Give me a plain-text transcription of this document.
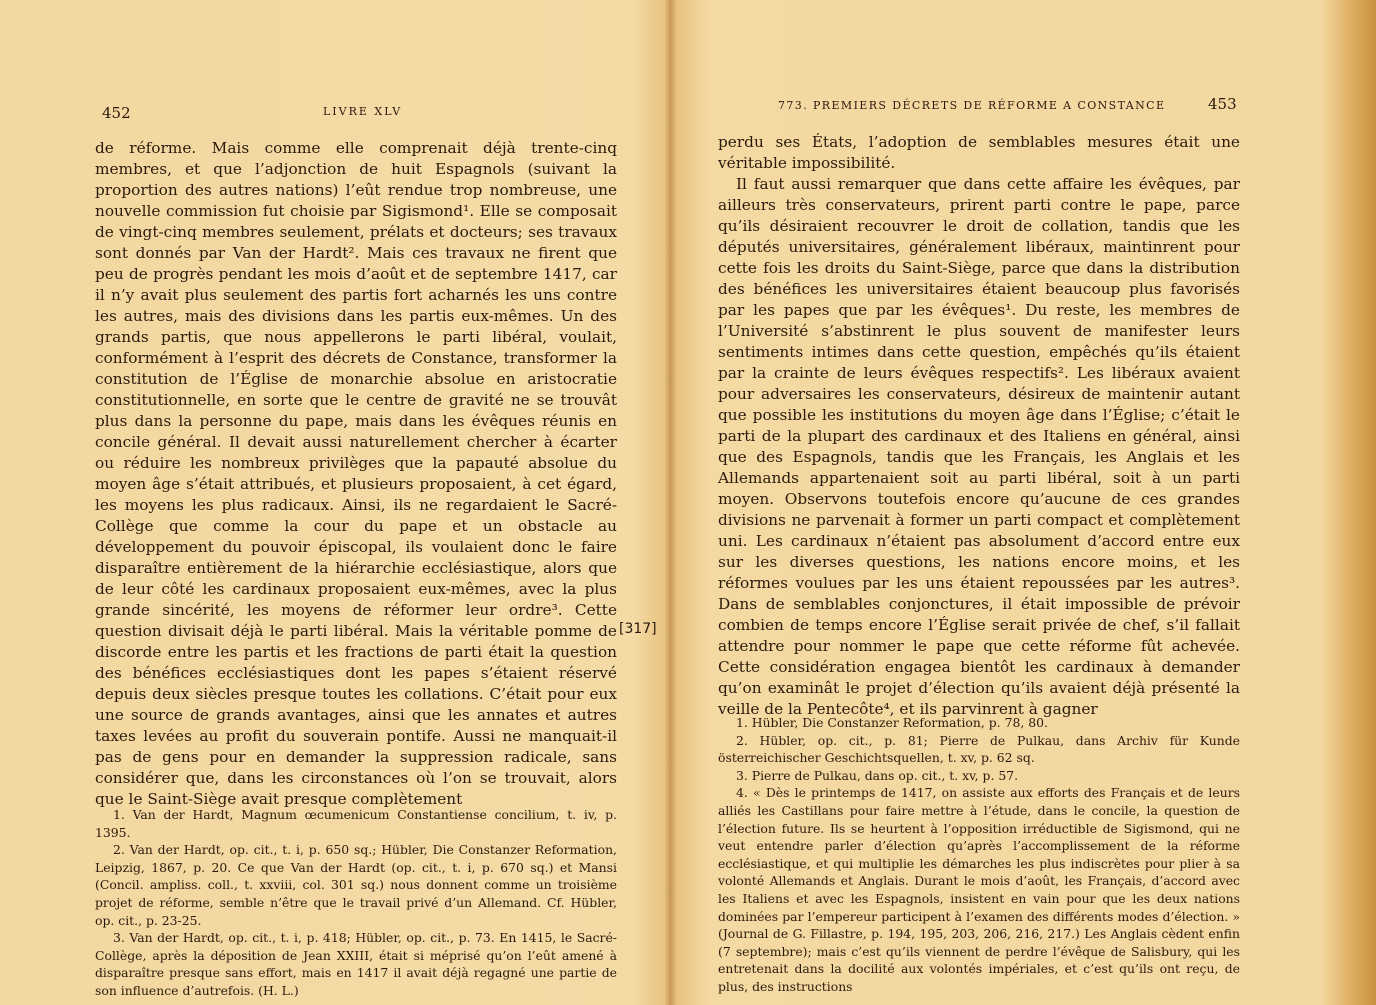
452	LIVRE XLV

de réforme. Mais comme elle comprenait déjà trente-cinq membres, et que l’adjonction de huit Espagnols (suivant la proportion des autres nations) l’eût rendue trop nombreuse, une nouvelle commission fut choisie par Sigismond¹. Elle se composait de vingt-cinq membres seulement, prélats et docteurs; ses travaux sont donnés par Van der Hardt². Mais ces travaux ne firent que peu de progrès pendant les mois d’août et de septembre 1417, car il n’y avait plus seulement des partis fort acharnés les uns contre les autres, mais des divisions dans les partis eux-mêmes. Un des grands partis, que nous appellerons le parti libéral, voulait, conformément à l’esprit des décrets de Constance, transformer la constitution de l’Église de monarchie absolue en aristocratie constitutionnelle, en sorte que le centre de gravité ne se trouvât plus dans la personne du pape, mais dans les évêques réunis en concile général. Il devait aussi naturellement chercher à écarter ou réduire les nombreux privilèges que la papauté absolue du moyen âge s’était attribués, et plusieurs proposaient, à cet égard, les moyens les plus radicaux. Ainsi, ils ne regardaient le Sacré-Collège que comme la cour du pape et un obstacle au développement du pouvoir épiscopal, ils voulaient donc le faire disparaître entièrement de la hiérarchie ecclésiastique, alors que de leur côté les cardinaux proposaient eux-mêmes, avec la plus grande sincérité, les moyens de réformer leur ordre³. Cette question divisait déjà le parti libéral. Mais la véritable pomme de discorde entre les partis et les fractions de parti était la question des bénéfices ecclésiastiques dont les papes s’étaient réservé depuis deux siècles presque toutes les collations. C’était pour eux une source de grands avantages, ainsi que les annates et autres taxes levées au profit du souverain pontife. Aussi ne manquait-il pas de gens pour en demander la suppression radicale, sans considérer que, dans les circonstances où l’on se trouvait, alors que le Saint-Siège avait presque complètement

[317]

1. Van der Hardt, Magnum œcumenicum Constantiense concilium, t. iv, p. 1395.

2. Van der Hardt, op. cit., t. i, p. 650 sq.; Hübler, Die Constanzer Reformation, Leipzig, 1867, p. 20. Ce que Van der Hardt (op. cit., t. i, p. 670 sq.) et Mansi (Concil. ampliss. coll., t. xxviii, col. 301 sq.) nous donnent comme un troisième projet de réforme, semble n’être que le travail privé d’un Allemand. Cf. Hübler, op. cit., p. 23-25.

3. Van der Hardt, op. cit., t. i, p. 418; Hübler, op. cit., p. 73. En 1415, le Sacré-Collège, après la déposition de Jean XXIII, était si méprisé qu’on l’eût amené à disparaître presque sans effort, mais en 1417 il avait déjà regagné une partie de son influence d’autrefois. (H. L.)

773. PREMIERS DÉCRETS DE RÉFORME A CONSTANCE	453

perdu ses États, l’adoption de semblables mesures était une véritable impossibilité.

Il faut aussi remarquer que dans cette affaire les évêques, par ailleurs très conservateurs, prirent parti contre le pape, parce qu’ils désiraient recouvrer le droit de collation, tandis que les députés universitaires, généralement libéraux, maintinrent pour cette fois les droits du Saint-Siège, parce que dans la distribution des bénéfices les universitaires étaient beaucoup plus favorisés par les papes que par les évêques¹. Du reste, les membres de l’Université s’abstinrent le plus souvent de manifester leurs sentiments intimes dans cette question, empêchés qu’ils étaient par la crainte de leurs évêques respectifs². Les libéraux avaient pour adversaires les conservateurs, désireux de maintenir autant que possible les institutions du moyen âge dans l’Église; c’était le parti de la plupart des cardinaux et des Italiens en général, ainsi que des Espagnols, tandis que les Français, les Anglais et les Allemands appartenaient soit au parti libéral, soit à un parti moyen. Observons toutefois encore qu’aucune de ces grandes divisions ne parvenait à former un parti compact et complètement uni. Les cardinaux n’étaient pas absolument d’accord entre eux sur les diverses questions, les nations encore moins, et les réformes voulues par les uns étaient repoussées par les autres³. Dans de semblables conjonctures, il était impossible de prévoir combien de temps encore l’Église serait privée de chef, s’il fallait attendre pour nommer le pape que cette réforme fût achevée. Cette considération engagea bientôt les cardinaux à demander qu’on examinât le projet d’élection qu’ils avaient déjà présenté la veille de la Pentecôte⁴, et ils parvinrent à gagner

1. Hübler, Die Constanzer Reformation, p. 78, 80.

2. Hübler, op. cit., p. 81; Pierre de Pulkau, dans Archiv für Kunde österreichischer Geschichtsquellen, t. xv, p. 62 sq.

3. Pierre de Pulkau, dans op. cit., t. xv, p. 57.

4. « Dès le printemps de 1417, on assiste aux efforts des Français et de leurs alliés les Castillans pour faire mettre à l’étude, dans le concile, la question de l’élection future. Ils se heurtent à l’opposition irréductible de Sigismond, qui ne veut entendre parler d’élection qu’après l’accomplissement de la réforme ecclésiastique, et qui multiplie les démarches les plus indiscrètes pour plier à sa volonté Allemands et Anglais. Durant le mois d’août, les Français, d’accord avec les Italiens et avec les Espagnols, insistent en vain pour que les deux nations dominées par l’empereur participent à l’examen des différents modes d’élection. » (Journal de G. Fillastre, p. 194, 195, 203, 206, 216, 217.) Les Anglais cèdent enfin (7 septembre); mais c’est qu’ils viennent de perdre l’évêque de Salisbury, qui les entretenait dans la docilité aux volontés impériales, et c’est qu’ils ont reçu, de plus, des instructions
